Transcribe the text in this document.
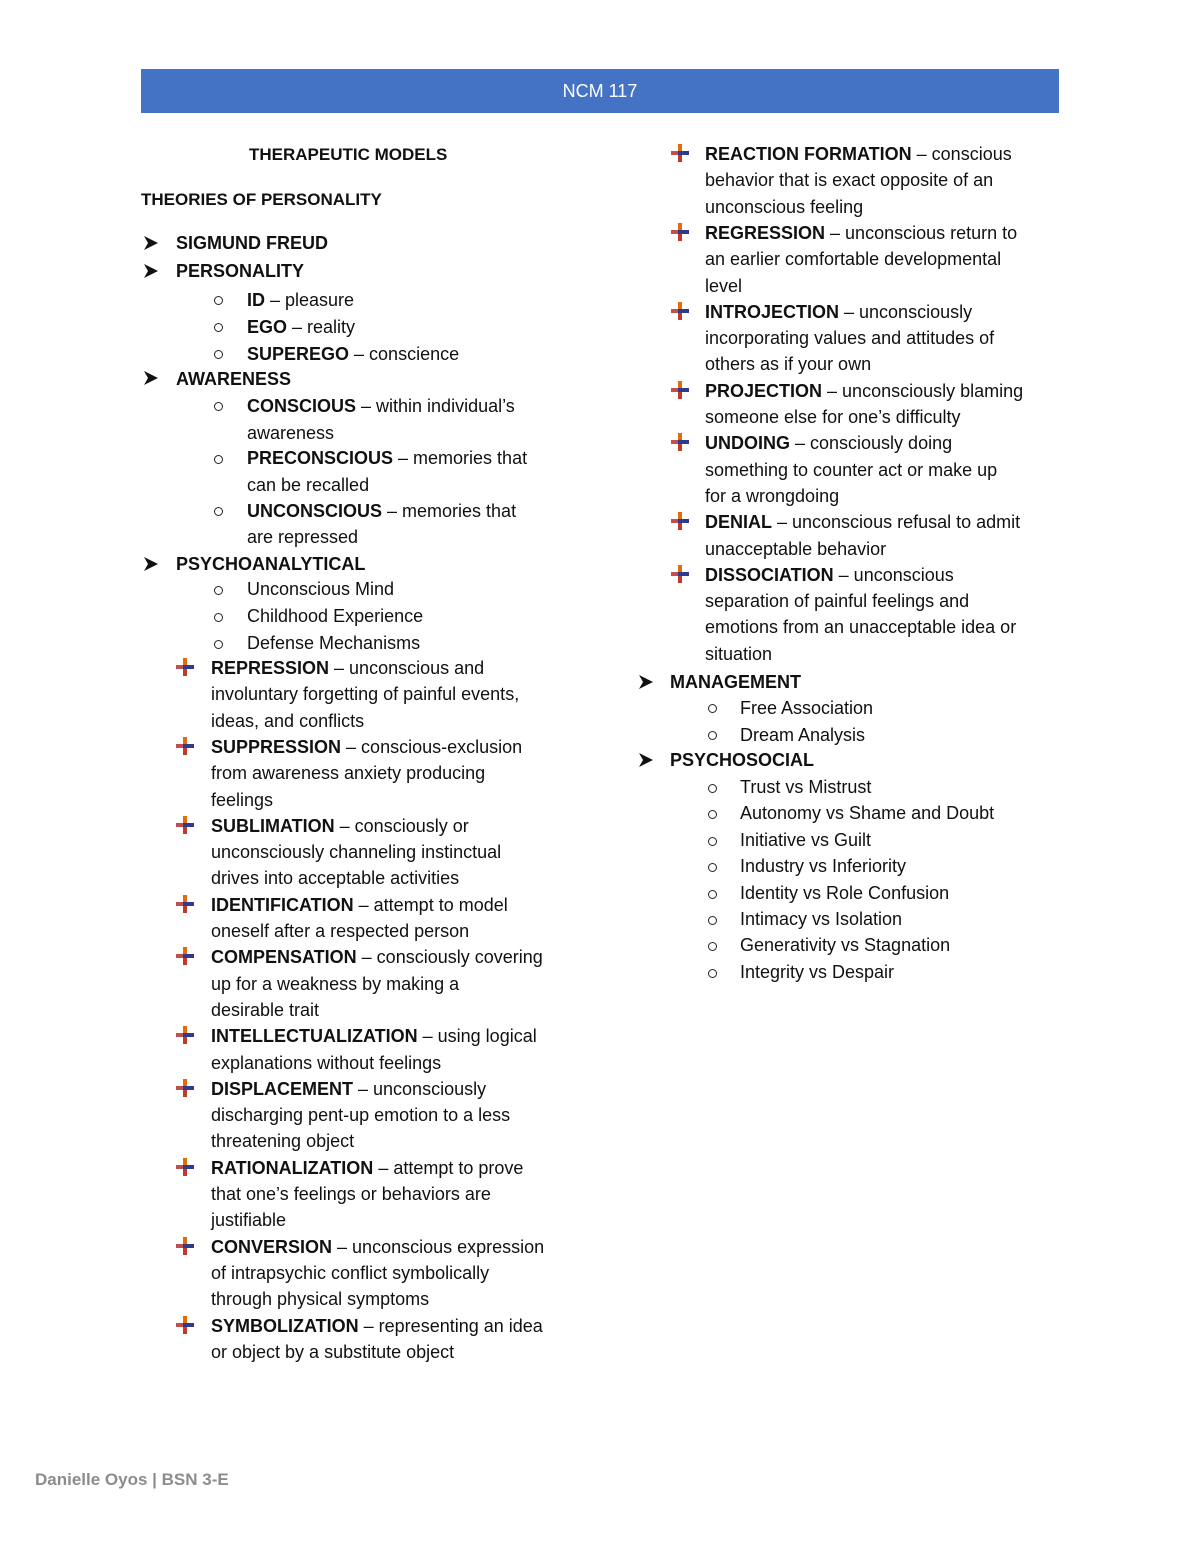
NCM 117
THERAPEUTIC MODELS
THEORIES OF PERSONALITY
SIGMUND FREUD
PERSONALITY
ID – pleasure
EGO – reality
SUPEREGO – conscience
AWARENESS
CONSCIOUS – within individual’s
awareness
PRECONSCIOUS – memories that
can be recalled
UNCONSCIOUS – memories that
are repressed
PSYCHOANALYTICAL
Unconscious Mind
Childhood Experience
Defense Mechanisms
REPRESSION – unconscious and
involuntary forgetting of painful events,
ideas, and conflicts
SUPPRESSION – conscious-exclusion
from awareness anxiety producing
feelings
SUBLIMATION – consciously or
unconsciously channeling instinctual
drives into acceptable activities
IDENTIFICATION – attempt to model
oneself after a respected person
COMPENSATION – consciously covering
up for a weakness by making a
desirable trait
INTELLECTUALIZATION – using logical
explanations without feelings
DISPLACEMENT – unconsciously
discharging pent-up emotion to a less
threatening object
RATIONALIZATION – attempt to prove
that one’s feelings or behaviors are
justifiable
CONVERSION – unconscious expression
of intrapsychic conflict symbolically
through physical symptoms
SYMBOLIZATION – representing an idea
or object by a substitute object
REACTION FORMATION – conscious
behavior that is exact opposite of an
unconscious feeling
REGRESSION – unconscious return to
an earlier comfortable developmental
level
INTROJECTION – unconsciously
incorporating values and attitudes of
others as if your own
PROJECTION – unconsciously blaming
someone else for one’s difficulty
UNDOING – consciously doing
something to counter act or make up
for a wrongdoing
DENIAL – unconscious refusal to admit
unacceptable behavior
DISSOCIATION – unconscious
separation of painful feelings and
emotions from an unacceptable idea or
situation
MANAGEMENT
Free Association
Dream Analysis
PSYCHOSOCIAL
Trust vs Mistrust
Autonomy vs Shame and Doubt
Initiative vs Guilt
Industry vs Inferiority
Identity vs Role Confusion
Intimacy vs Isolation
Generativity vs Stagnation
Integrity vs Despair
Danielle Oyos | BSN 3-E
